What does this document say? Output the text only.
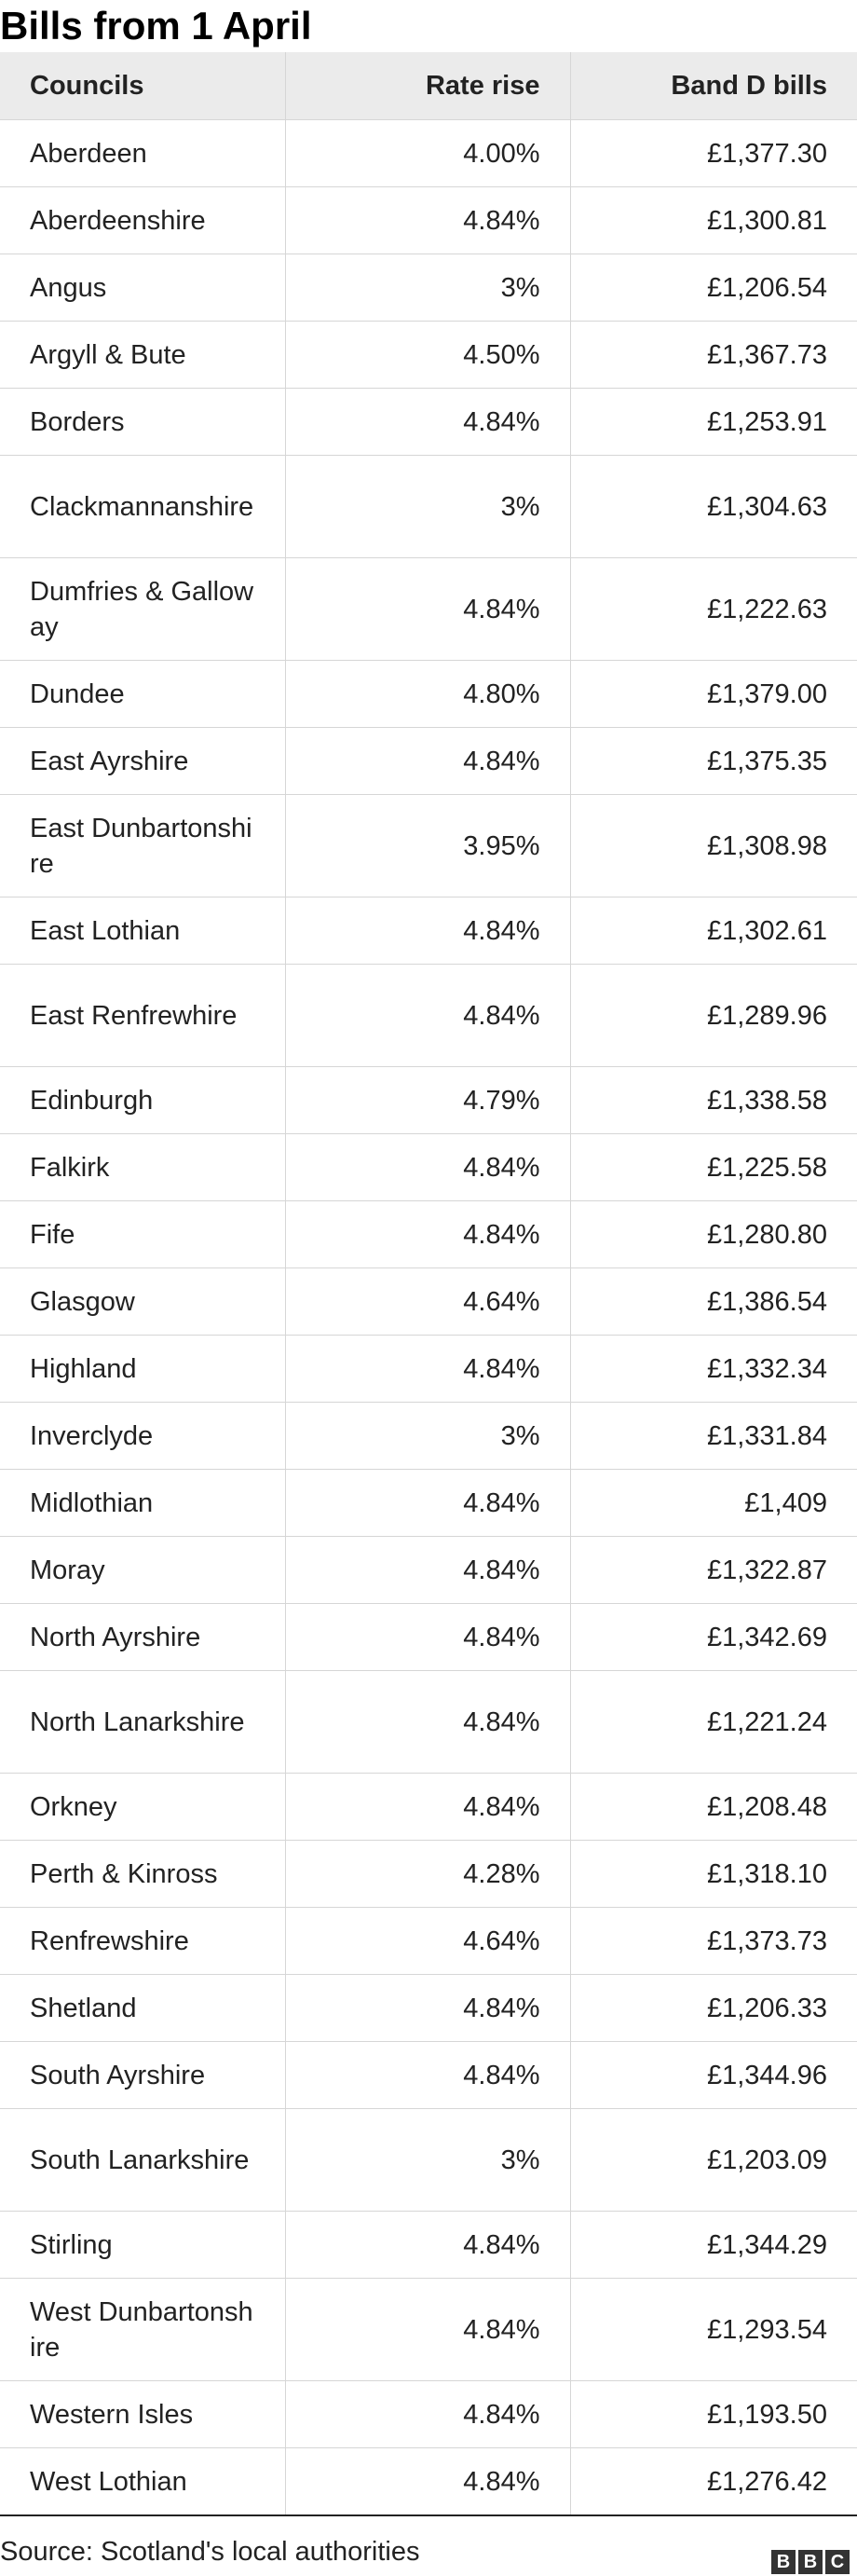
Bills from 1 April
Councils	Rate rise	Band D bills
Aberdeen	4.00%	£1,377.30
Aberdeenshire	4.84%	£1,300.81
Angus	3%	£1,206.54
Argyll & Bute	4.50%	£1,367.73
Borders	4.84%	£1,253.91
Clackmannanshire	3%	£1,304.63
Dumfries & Galloway	4.84%	£1,222.63
Dundee	4.80%	£1,379.00
East Ayrshire	4.84%	£1,375.35
East Dunbartonshire	3.95%	£1,308.98
East Lothian	4.84%	£1,302.61
East Renfrewhire	4.84%	£1,289.96
Edinburgh	4.79%	£1,338.58
Falkirk	4.84%	£1,225.58
Fife	4.84%	£1,280.80
Glasgow	4.64%	£1,386.54
Highland	4.84%	£1,332.34
Inverclyde	3%	£1,331.84
Midlothian	4.84%	£1,409
Moray	4.84%	£1,322.87
North Ayrshire	4.84%	£1,342.69
North Lanarkshire	4.84%	£1,221.24
Orkney	4.84%	£1,208.48
Perth & Kinross	4.28%	£1,318.10
Renfrewshire	4.64%	£1,373.73
Shetland	4.84%	£1,206.33
South Ayrshire	4.84%	£1,344.96
South Lanarkshire	3%	£1,203.09
Stirling	4.84%	£1,344.29
West Dunbartonshire	4.84%	£1,293.54
Western Isles	4.84%	£1,193.50
West Lothian	4.84%	£1,276.42
Source: Scotland's local authorities	B B C
